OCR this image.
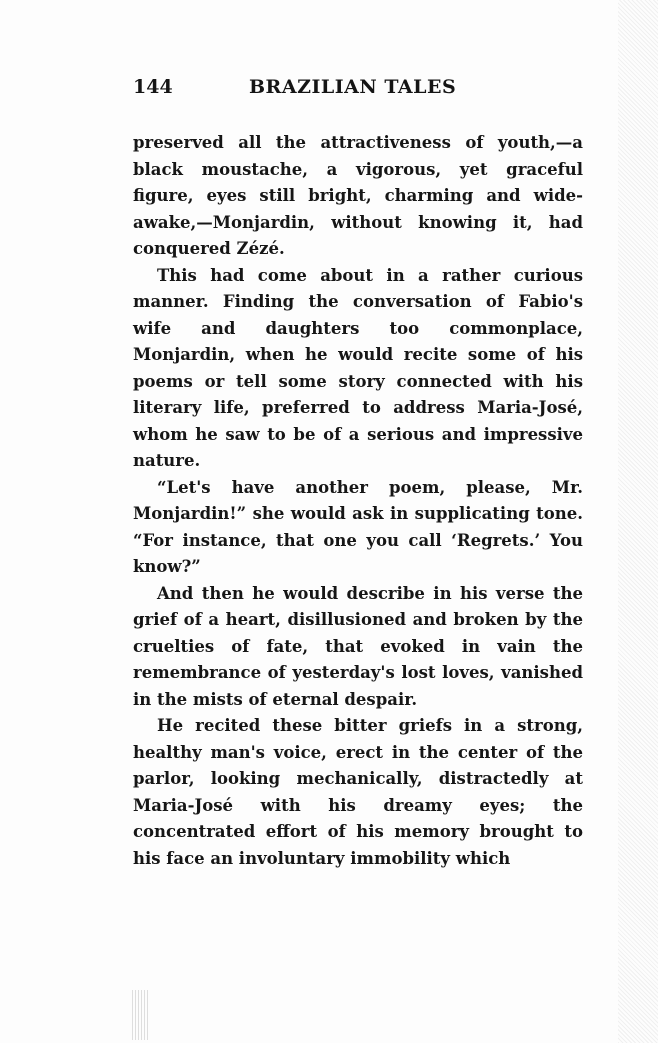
144	BRAZILIAN TALES

preserved all the attractiveness of youth,—a black moustache, a vigorous, yet graceful figure, eyes still bright, charming and wide-awake,—Monjardin, without knowing it, had conquered Zézé.

This had come about in a rather curious manner. Finding the conversation of Fabio's wife and daughters too commonplace, Monjardin, when he would recite some of his poems or tell some story connected with his literary life, preferred to address Maria-José, whom he saw to be of a serious and impressive nature.

“Let's have another poem, please, Mr. Monjardin!” she would ask in supplicating tone. “For instance, that one you call ‘Regrets.’ You know?”

And then he would describe in his verse the grief of a heart, disillusioned and broken by the cruelties of fate, that evoked in vain the remembrance of yesterday's lost loves, vanished in the mists of eternal despair.

He recited these bitter griefs in a strong, healthy man's voice, erect in the center of the parlor, looking mechanically, distractedly at Maria-José with his dreamy eyes; the concentrated effort of his memory brought to his face an involuntary immobility which
